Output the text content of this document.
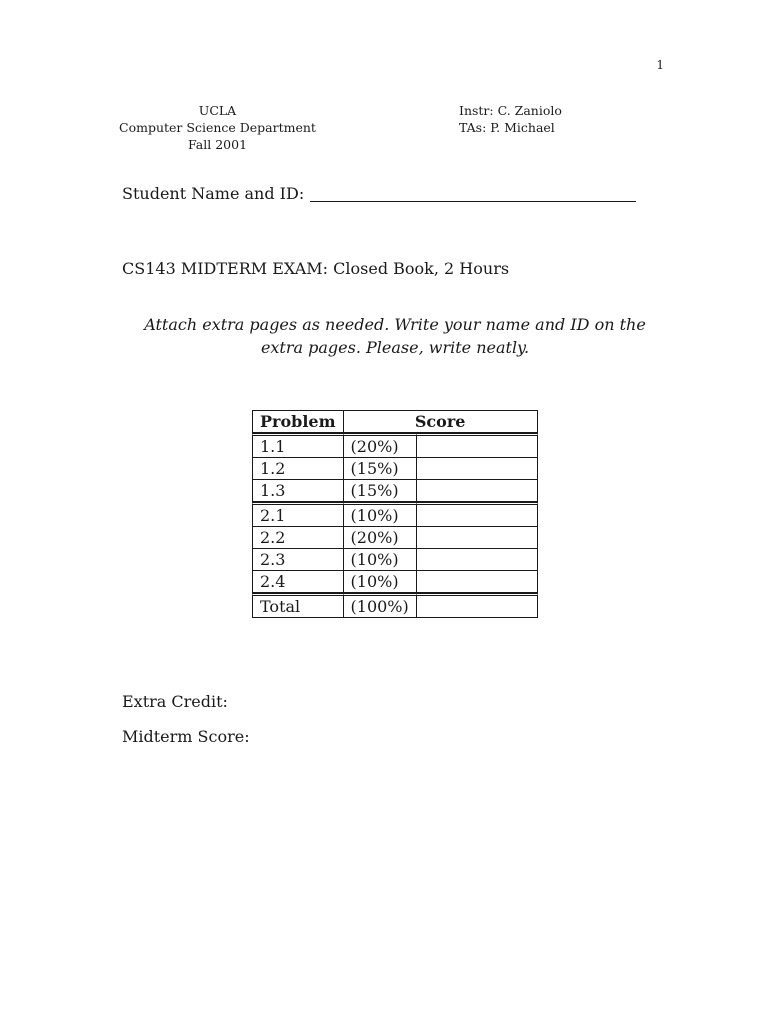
1
UCLA
Computer Science Department
Fall 2001
Instr: C. Zaniolo
TAs: P. Michael
Student Name and ID:
CS143 MIDTERM EXAM: Closed Book, 2 Hours
Attach extra pages as needed. Write your name and ID on the extra pages. Please, write neatly.
Problem	Score	
1.1	(20%)	
1.2	(15%)	
1.3	(15%)	
2.1	(10%)	
2.2	(20%)	
2.3	(10%)	
2.4	(10%)	
Total	(100%)	
Extra Credit:
Midterm Score:
